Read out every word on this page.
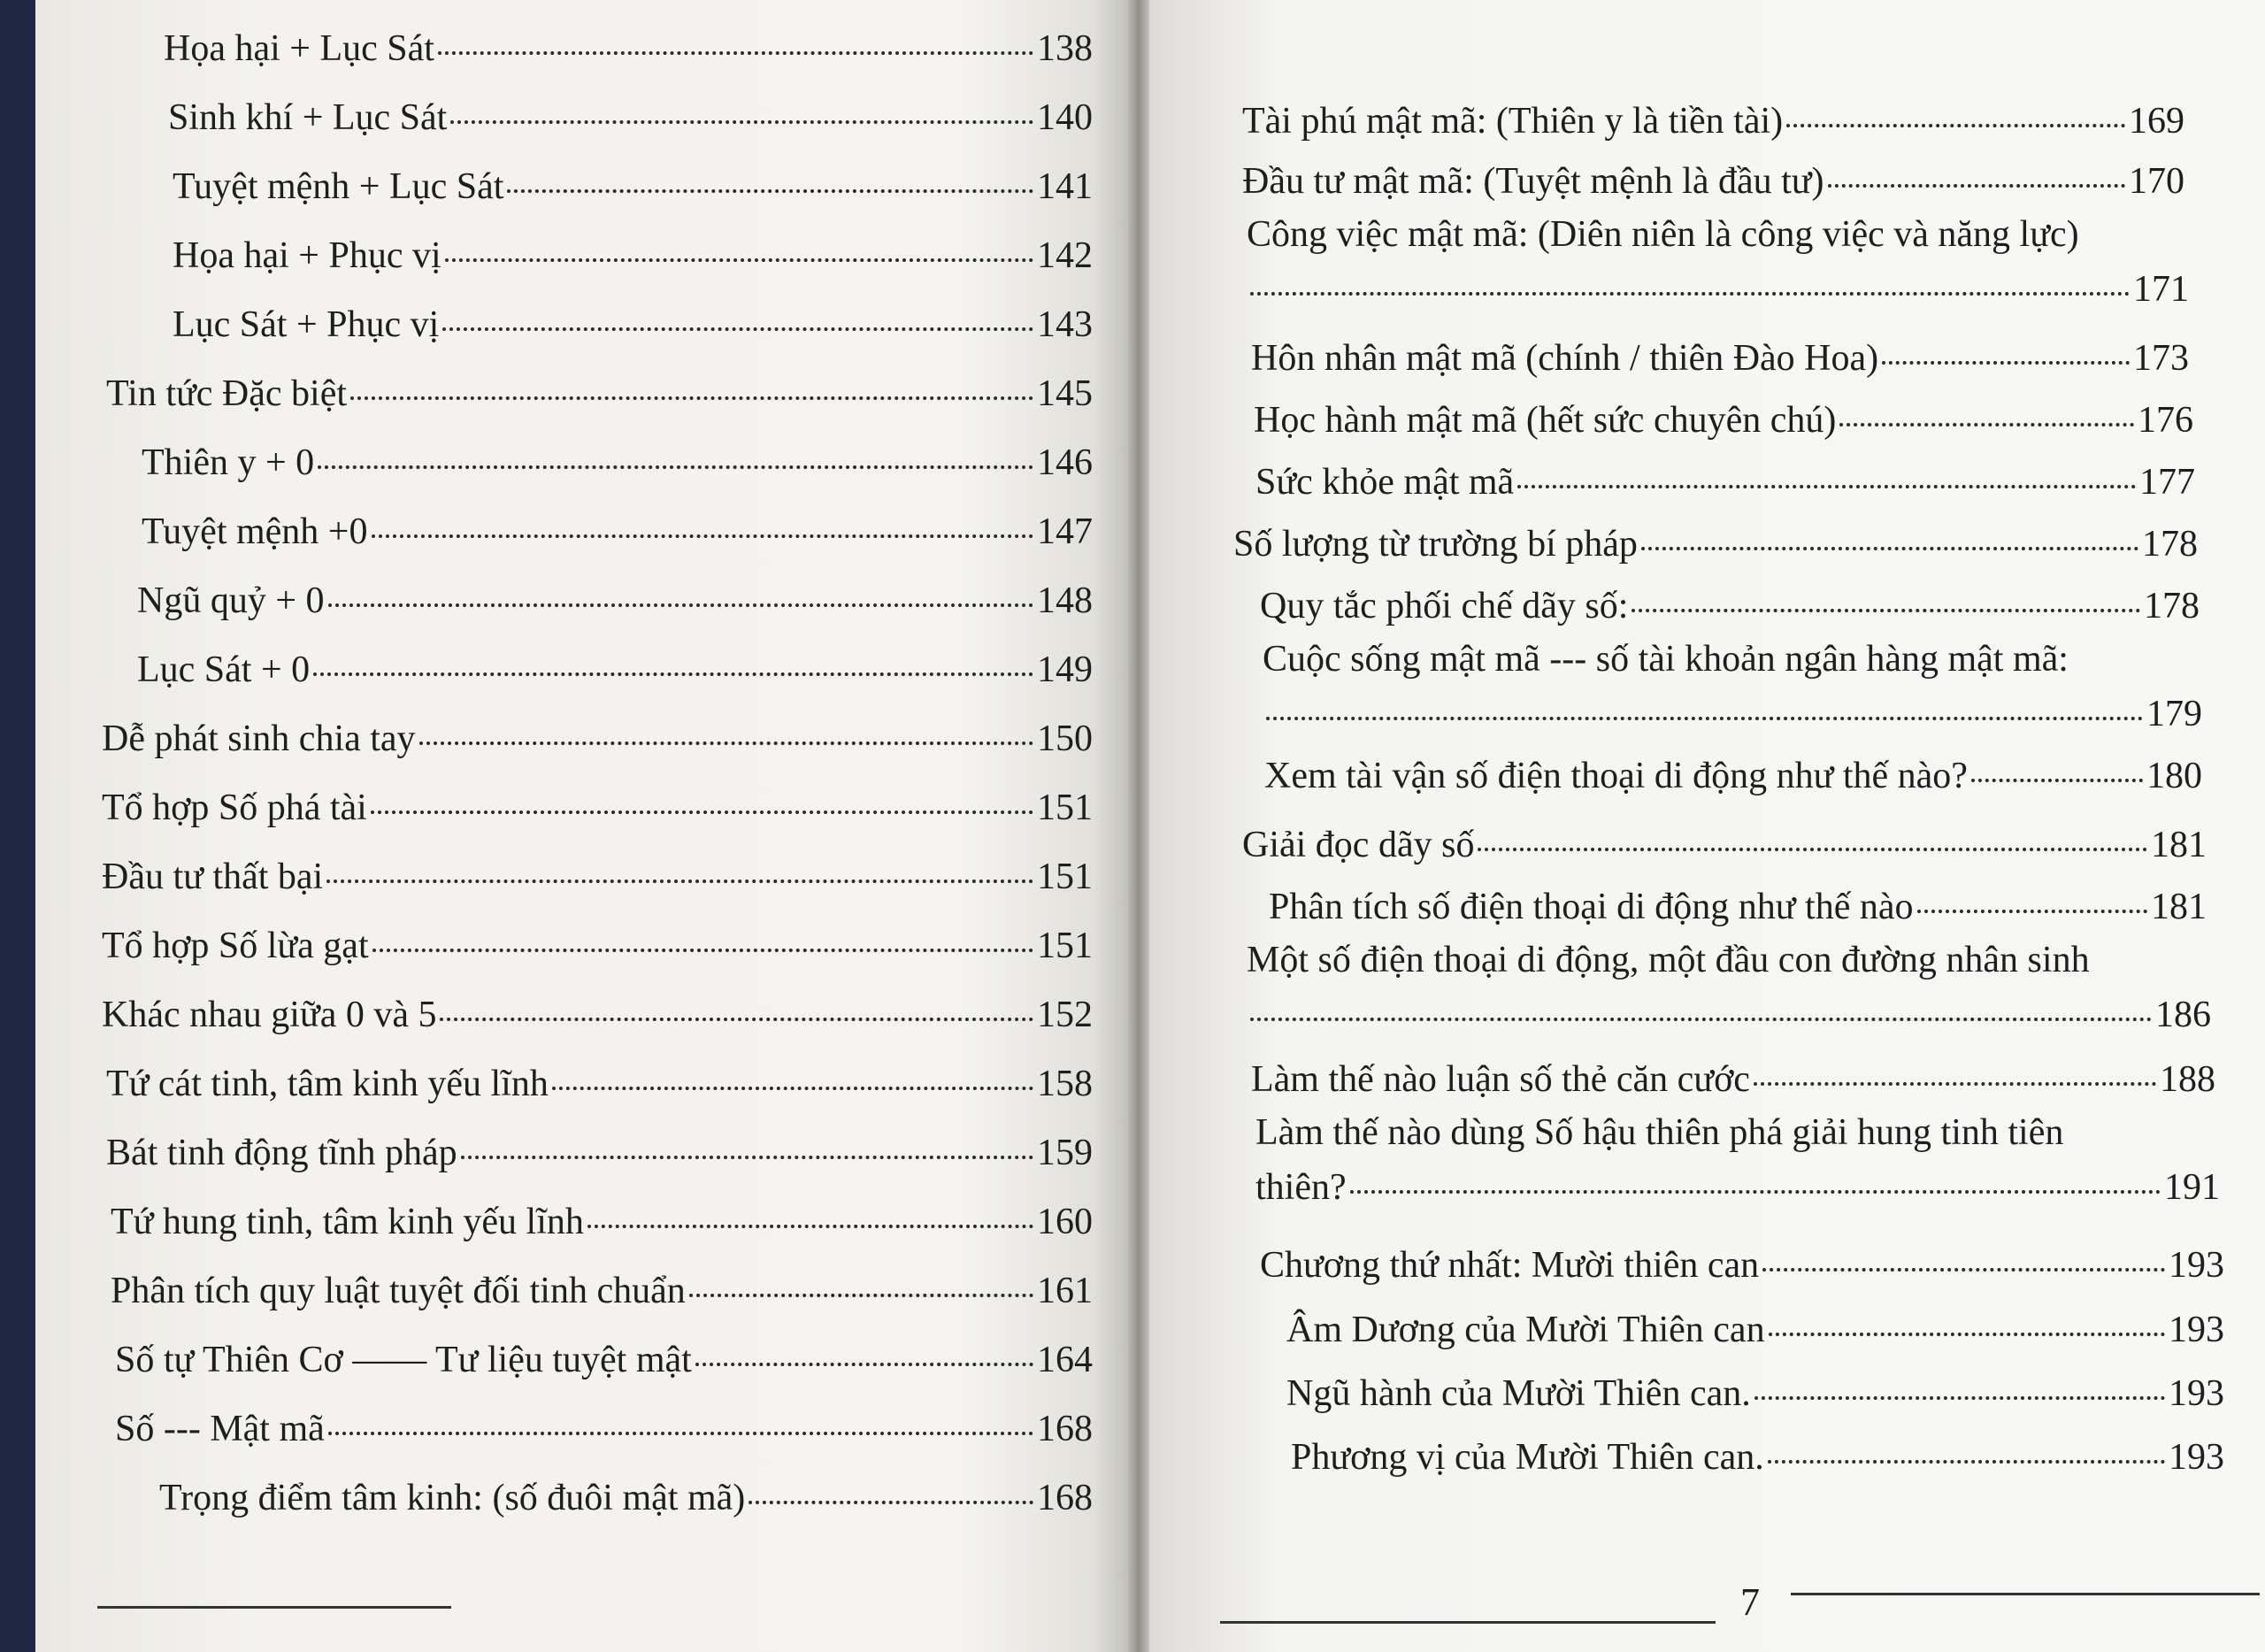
Họa hại + Lục Sát	138
Sinh khí + Lục Sát	140
Tuyệt mệnh + Lục Sát	141
Họa hại + Phục vị	142
Lục Sát + Phục vị	143
Tin tức Đặc biệt	145
Thiên y + 0	146
Tuyệt mệnh +0	147
Ngũ quỷ + 0	148
Lục Sát + 0	149
Dễ phát sinh chia tay	150
Tổ hợp Số phá tài	151
Đầu tư thất bại	151
Tổ hợp Số lừa gạt	151
Khác nhau giữa 0 và 5	152
Tứ cát tinh, tâm kinh yếu lĩnh	158
Bát tinh động tĩnh pháp	159
Tứ hung tinh, tâm kinh yếu lĩnh	160
Phân tích quy luật tuyệt đối tinh chuẩn	161
Số tự Thiên Cơ —— Tư liệu tuyệt mật	164
Số --- Mật mã	168
Trọng điểm tâm kinh: (số đuôi mật mã)	168
Tài phú mật mã: (Thiên y là tiền tài)	169
Đầu tư mật mã: (Tuyệt mệnh là đầu tư)	170
Công việc mật mã: (Diên niên là công việc và năng lực)
171
Hôn nhân mật mã (chính / thiên Đào Hoa)	173
Học hành mật mã (hết sức chuyên chú)	176
Sức khỏe mật mã	177
Số lượng từ trường bí pháp	178
Quy tắc phối chế dãy số:	178
Cuộc sống mật mã --- số tài khoản ngân hàng mật mã:
179
Xem tài vận số điện thoại di động như thế nào?	180
Giải đọc dãy số	181
Phân tích số điện thoại di động như thế nào	181
Một số điện thoại di động, một đầu con đường nhân sinh
186
Làm thế nào luận số thẻ căn cước	188
Làm thế nào dùng Số hậu thiên phá giải hung tinh tiên
thiên?	191
Chương thứ nhất: Mười thiên can	193
Âm Dương của Mười Thiên can	193
Ngũ hành của Mười Thiên can.	193
Phương vị của Mười Thiên can.	193
7
